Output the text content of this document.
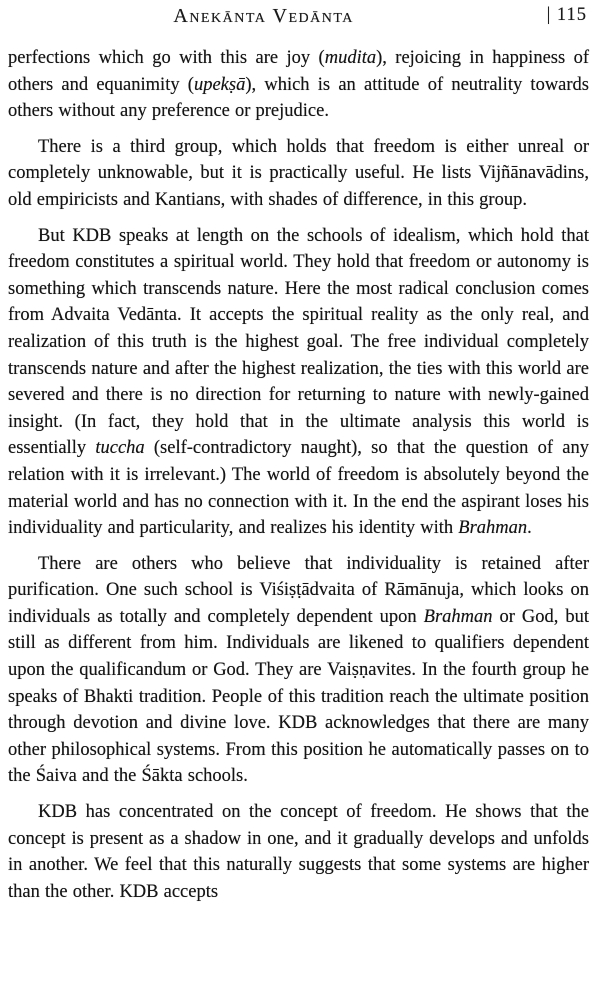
Anekānta Vedānta	| 115

perfections which go with this are joy (mudita), rejoicing in happiness of others and equanimity (upekṣā), which is an attitude of neutrality towards others without any preference or prejudice.

There is a third group, which holds that freedom is either unreal or completely unknowable, but it is practically useful. He lists Vijñānavādins, old empiricists and Kantians, with shades of difference, in this group.

But KDB speaks at length on the schools of idealism, which hold that freedom constitutes a spiritual world. They hold that freedom or autonomy is something which transcends nature. Here the most radical conclusion comes from Advaita Vedānta. It accepts the spiritual reality as the only real, and realization of this truth is the highest goal. The free individual completely transcends nature and after the highest realization, the ties with this world are severed and there is no direction for returning to nature with newly-gained insight. (In fact, they hold that in the ultimate analysis this world is essentially tuccha (self-contradictory naught), so that the question of any relation with it is irrelevant.) The world of freedom is absolutely beyond the material world and has no connection with it. In the end the aspirant loses his individuality and particularity, and realizes his identity with Brahman.

There are others who believe that individuality is retained after purification. One such school is Viśiṣṭādvaita of Rāmānuja, which looks on individuals as totally and completely dependent upon Brahman or God, but still as different from him. Individuals are likened to qualifiers dependent upon the qualificandum or God. They are Vaiṣṇavites. In the fourth group he speaks of Bhakti tradition. People of this tradition reach the ultimate position through devotion and divine love. KDB acknowledges that there are many other philosophical systems. From this position he automatically passes on to the Śaiva and the Śākta schools.

KDB has concentrated on the concept of freedom. He shows that the concept is present as a shadow in one, and it gradually develops and unfolds in another. We feel that this naturally suggests that some systems are higher than the other. KDB accepts
